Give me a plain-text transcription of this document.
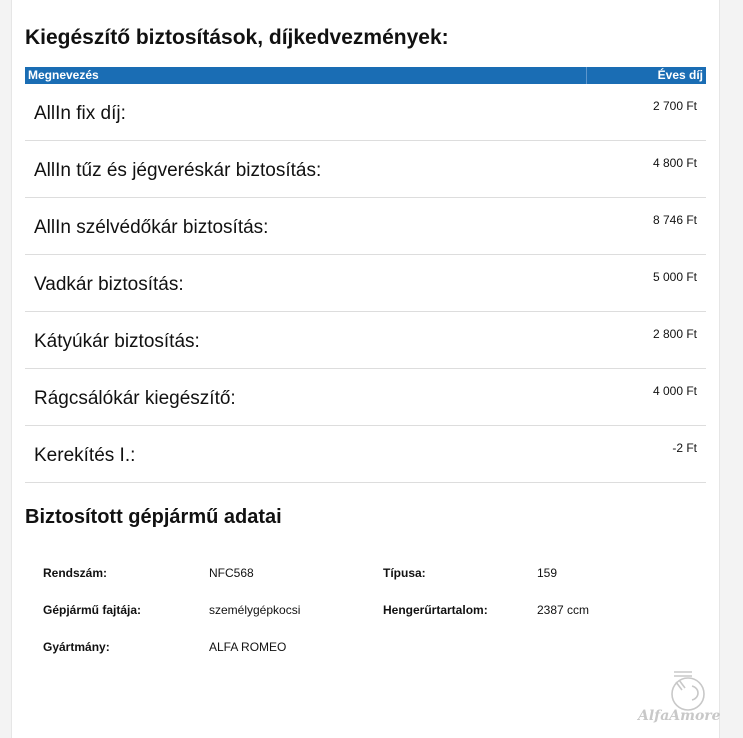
Kiegészítő biztosítások, díjkedvezmények:
Megnevezés	Éves díj
AllIn fix díj:	2 700 Ft
AllIn tűz és jégveréskár biztosítás:	4 800 Ft
AllIn szélvédőkár biztosítás:	8 746 Ft
Vadkár biztosítás:	5 000 Ft
Kátyúkár biztosítás:	2 800 Ft
Rágcsálókár kiegészítő:	4 000 Ft
Kerekítés I.:	-2 Ft
Biztosított gépjármű adatai
Rendszám:	NFC568	Típusa:	159
Gépjármű fajtája:	személygépkocsi	Hengerűrtartalom:	2387 ccm
Gyártmány:	ALFA ROMEO
AlfaAmore
